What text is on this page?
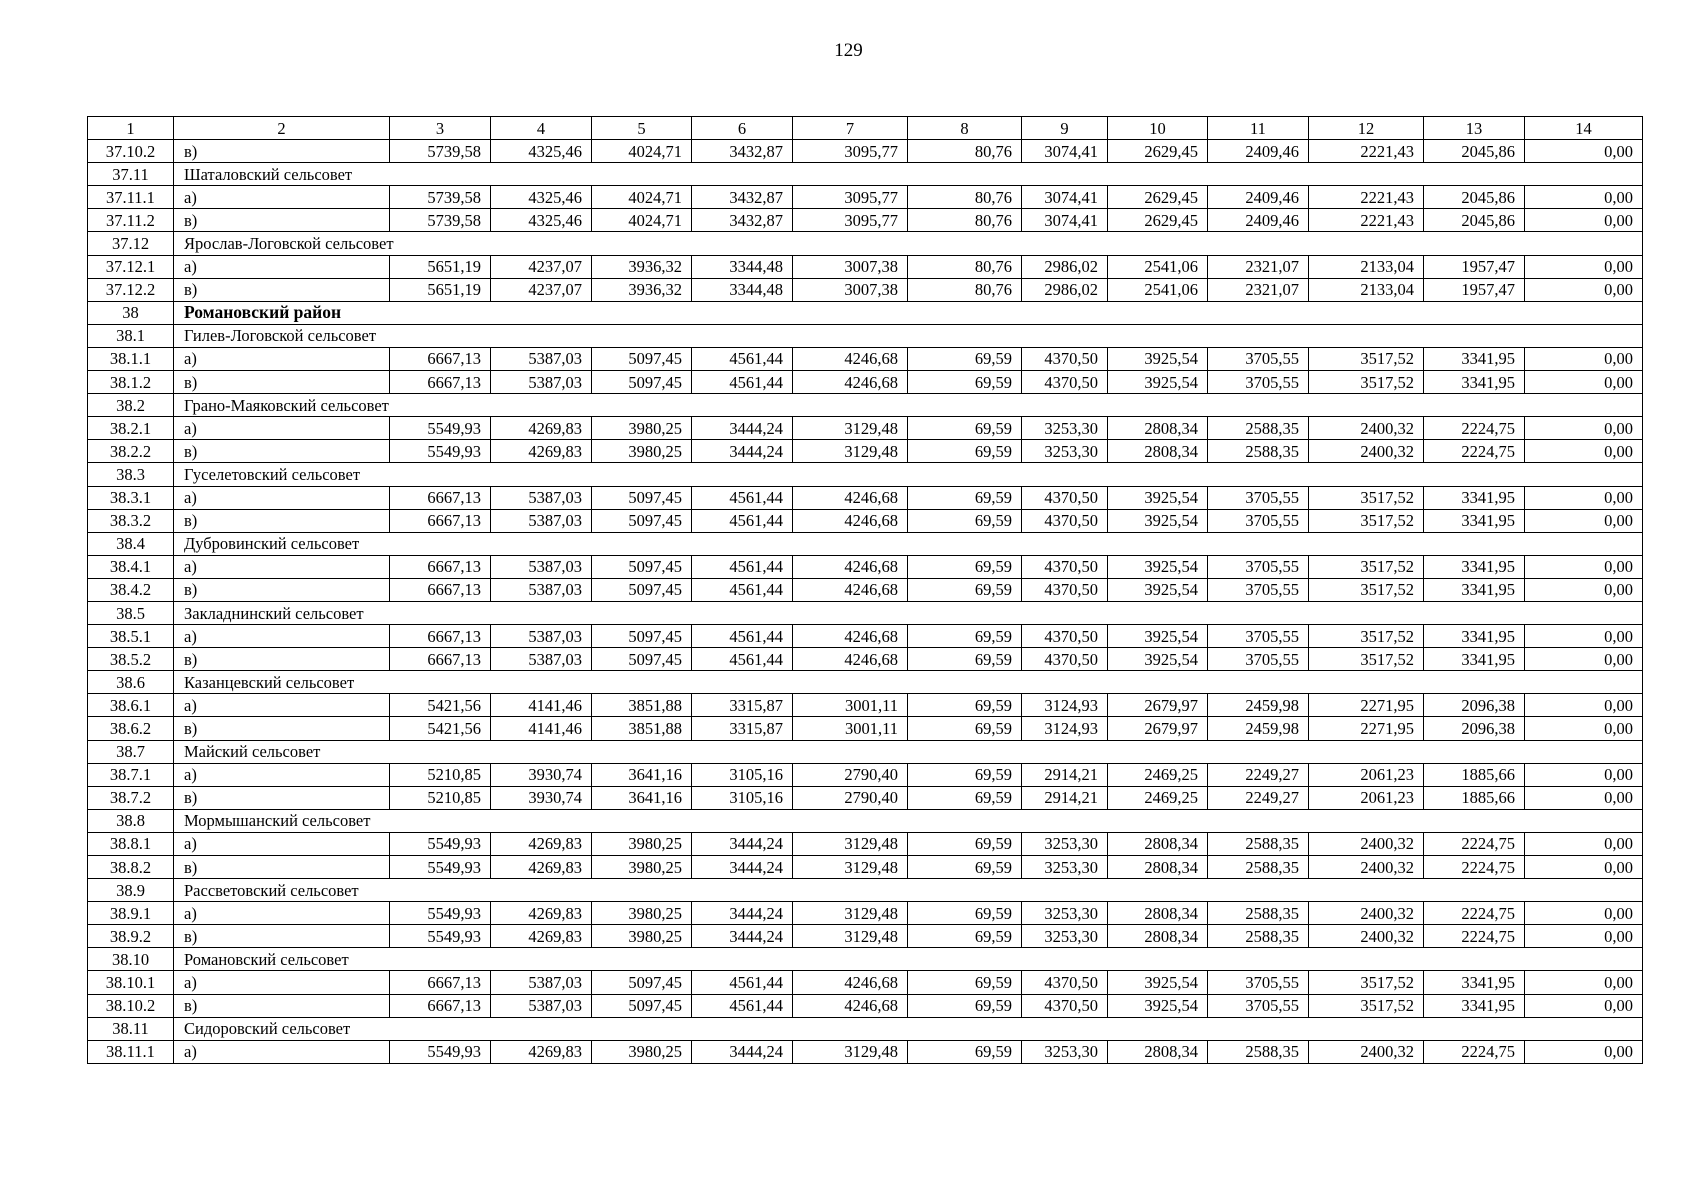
129
1	2	3	4	5	6	7	8	9	10	11	12	13	14
37.10.2	в)	5739,58	4325,46	4024,71	3432,87	3095,77	80,76	3074,41	2629,45	2409,46	2221,43	2045,86	0,00
37.11	Шаталовский сельсовет												
37.11.1	а)	5739,58	4325,46	4024,71	3432,87	3095,77	80,76	3074,41	2629,45	2409,46	2221,43	2045,86	0,00
37.11.2	в)	5739,58	4325,46	4024,71	3432,87	3095,77	80,76	3074,41	2629,45	2409,46	2221,43	2045,86	0,00
37.12	Ярослав-Логовской сельсовет												
37.12.1	а)	5651,19	4237,07	3936,32	3344,48	3007,38	80,76	2986,02	2541,06	2321,07	2133,04	1957,47	0,00
37.12.2	в)	5651,19	4237,07	3936,32	3344,48	3007,38	80,76	2986,02	2541,06	2321,07	2133,04	1957,47	0,00
38	Романовский район												
38.1	Гилев-Логовской сельсовет												
38.1.1	а)	6667,13	5387,03	5097,45	4561,44	4246,68	69,59	4370,50	3925,54	3705,55	3517,52	3341,95	0,00
38.1.2	в)	6667,13	5387,03	5097,45	4561,44	4246,68	69,59	4370,50	3925,54	3705,55	3517,52	3341,95	0,00
38.2	Грано-Маяковский сельсовет												
38.2.1	а)	5549,93	4269,83	3980,25	3444,24	3129,48	69,59	3253,30	2808,34	2588,35	2400,32	2224,75	0,00
38.2.2	в)	5549,93	4269,83	3980,25	3444,24	3129,48	69,59	3253,30	2808,34	2588,35	2400,32	2224,75	0,00
38.3	Гуселетовский сельсовет												
38.3.1	а)	6667,13	5387,03	5097,45	4561,44	4246,68	69,59	4370,50	3925,54	3705,55	3517,52	3341,95	0,00
38.3.2	в)	6667,13	5387,03	5097,45	4561,44	4246,68	69,59	4370,50	3925,54	3705,55	3517,52	3341,95	0,00
38.4	Дубровинский сельсовет												
38.4.1	а)	6667,13	5387,03	5097,45	4561,44	4246,68	69,59	4370,50	3925,54	3705,55	3517,52	3341,95	0,00
38.4.2	в)	6667,13	5387,03	5097,45	4561,44	4246,68	69,59	4370,50	3925,54	3705,55	3517,52	3341,95	0,00
38.5	Закладнинский сельсовет												
38.5.1	а)	6667,13	5387,03	5097,45	4561,44	4246,68	69,59	4370,50	3925,54	3705,55	3517,52	3341,95	0,00
38.5.2	в)	6667,13	5387,03	5097,45	4561,44	4246,68	69,59	4370,50	3925,54	3705,55	3517,52	3341,95	0,00
38.6	Казанцевский сельсовет												
38.6.1	а)	5421,56	4141,46	3851,88	3315,87	3001,11	69,59	3124,93	2679,97	2459,98	2271,95	2096,38	0,00
38.6.2	в)	5421,56	4141,46	3851,88	3315,87	3001,11	69,59	3124,93	2679,97	2459,98	2271,95	2096,38	0,00
38.7	Майский сельсовет												
38.7.1	а)	5210,85	3930,74	3641,16	3105,16	2790,40	69,59	2914,21	2469,25	2249,27	2061,23	1885,66	0,00
38.7.2	в)	5210,85	3930,74	3641,16	3105,16	2790,40	69,59	2914,21	2469,25	2249,27	2061,23	1885,66	0,00
38.8	Мормышанский сельсовет												
38.8.1	а)	5549,93	4269,83	3980,25	3444,24	3129,48	69,59	3253,30	2808,34	2588,35	2400,32	2224,75	0,00
38.8.2	в)	5549,93	4269,83	3980,25	3444,24	3129,48	69,59	3253,30	2808,34	2588,35	2400,32	2224,75	0,00
38.9	Рассветовский сельсовет												
38.9.1	а)	5549,93	4269,83	3980,25	3444,24	3129,48	69,59	3253,30	2808,34	2588,35	2400,32	2224,75	0,00
38.9.2	в)	5549,93	4269,83	3980,25	3444,24	3129,48	69,59	3253,30	2808,34	2588,35	2400,32	2224,75	0,00
38.10	Романовский сельсовет												
38.10.1	а)	6667,13	5387,03	5097,45	4561,44	4246,68	69,59	4370,50	3925,54	3705,55	3517,52	3341,95	0,00
38.10.2	в)	6667,13	5387,03	5097,45	4561,44	4246,68	69,59	4370,50	3925,54	3705,55	3517,52	3341,95	0,00
38.11	Сидоровский сельсовет												
38.11.1	а)	5549,93	4269,83	3980,25	3444,24	3129,48	69,59	3253,30	2808,34	2588,35	2400,32	2224,75	0,00
